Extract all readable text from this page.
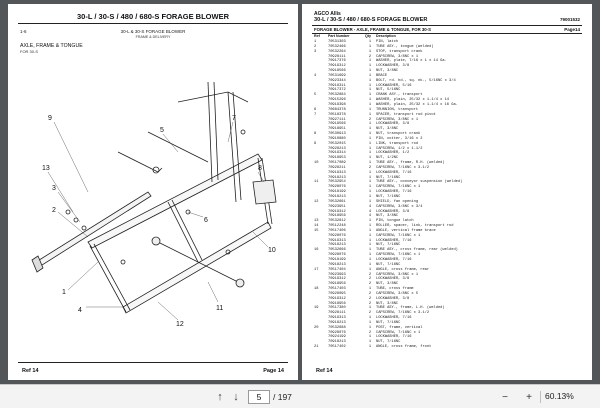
30-L / 30-S / 480 / 680-S FORAGE BLOWER
1-6	30-L & 30-S FORAGE BLOWER
FRAME & DELIVERY
AXLE, FRAME & TONGUE
FOR 30-S
9
13
3
2
1
4
5
6
7
8
10
11
12
Ref 14	Page 14
AGCO Allis
30-L / 30-S / 480 / 680-S FORAGE BLOWER	79001532
FORAGE BLOWER - AXLE, FRAME & TONGUE, FOR 30-S	Page14
Ref Part Number	Qty Description
1	70531303	1	PIN, latch
2	70532466	1	TUBE ASY., tongue (welded)
3	70532264	1	STOP, transport crank
70928111	2	CAPSCREW, 3/8NC x 1
70917376	1	WASHER, plate, 7/16 x 1 x 14 Ga.
70919312	1	LOCKWASHER, 3/8
70918566	1	NUT, 3/8NC
4	70531699	1	BRACE
70923344	1	BOLT, rd. hd., sq. nk., 5/16NC x 3/4
70919311	1	LOCKWASHER, 5/16
70917372	1	NUT, 5/16NC
5	70532884	1	CRANK ASY., transport
70915296	1	WASHER, plain, 25/32 x 1-1/4 x 14
70919398	1	WASHER, plain, 25/32 x 1-1/4 x 16 Ga.
6	70684378	1	TRUNNION, transport
7	70518378	1	SPACER, transport rod pivot
70927111	2	CAPSCREW, 3/8NC x 1
70919566	1	LOCKWASHER, 3/8
70918951	1	NUT, 3/8NC
8	70530913	1	NUT, transport crank
70910880	1	PIN, cotter, 3/16 x 2
9	70532015	1	LINK, transport rod
70928213	1	CAPSCREW, 1/2 x 1-1/2
70919314	1	LOCKWASHER, 1/2
70918953	1	NUT, 1/2NC
10	70517089	1	TUBE ASY., frame, R.H. (welded)
70928211	2	CAPSCREW, 7/16NC x 3-1/2
70919313	1	LOCKWASHER, 7/16
70918213	1	NUT, 7/16NC
11	70532954	1	TUBE ASY., conveyor suspension (welded)
70928076	1	CAPSCREW, 7/16NC x 1
70918199	1	LOCKWASHER, 7/16
70918213	1	NUT, 7/16NC
12	70532661	1	SHIELD, fan opening
70923951	4	CAPSCREW, 3/8NC x 3/4
70919312	4	LOCKWASHER, 3/8
70918956	4	NUT, 3/8NC
13	70532812	1	PIN, tongue latch
14	70512248	1	ROLLER, spacer, link, transport rod
15	70517406	1	ANGLE, vertical frame brace
70928076	1	CAPSCREW, 7/16NC x 1
70919313	1	LOCKWASHER, 7/16
70918213	1	NUT, 7/16NC
16	70532666	1	TUBE ASY., cross frame, rear (welded)
70928076	1	CAPSCREW, 7/16NC x 1
70918199	1	LOCKWASHER, 7/16
70918213	1	NUT, 7/16NC
17	70517404	1	ANGLE, cross frame, rear
70923993	2	CAPSCREW, 3/8NC x 1
70919312	2	LOCKWASHER, 3/8
70918956	2	NUT, 3/8NC
18	70517403	1	TUBE, cross frame
70928095	2	CAPSCREW, 3/8NC x 5
70919312	2	LOCKWASHER, 3/8
70918956	2	NUT, 3/8NC
19	70517380	1	TUBE ASY., frame, L.H. (welded)
70928111	2	CAPSCREW, 7/16NC x 3-1/2
70919313	1	LOCKWASHER, 7/16
70918213	1	NUT, 7/16NC
20	70532688	1	POST, frame, vertical
70928076	2	CAPSCREW, 7/16NC x 1
70924199	1	LOCKWASHER, 7/16
70918213	1	NUT, 7/16NC
21	70517402	1	ANGLE, cross frame, front
Ref 14
↑ ↓	5	/ 197	−	+	60.13%
